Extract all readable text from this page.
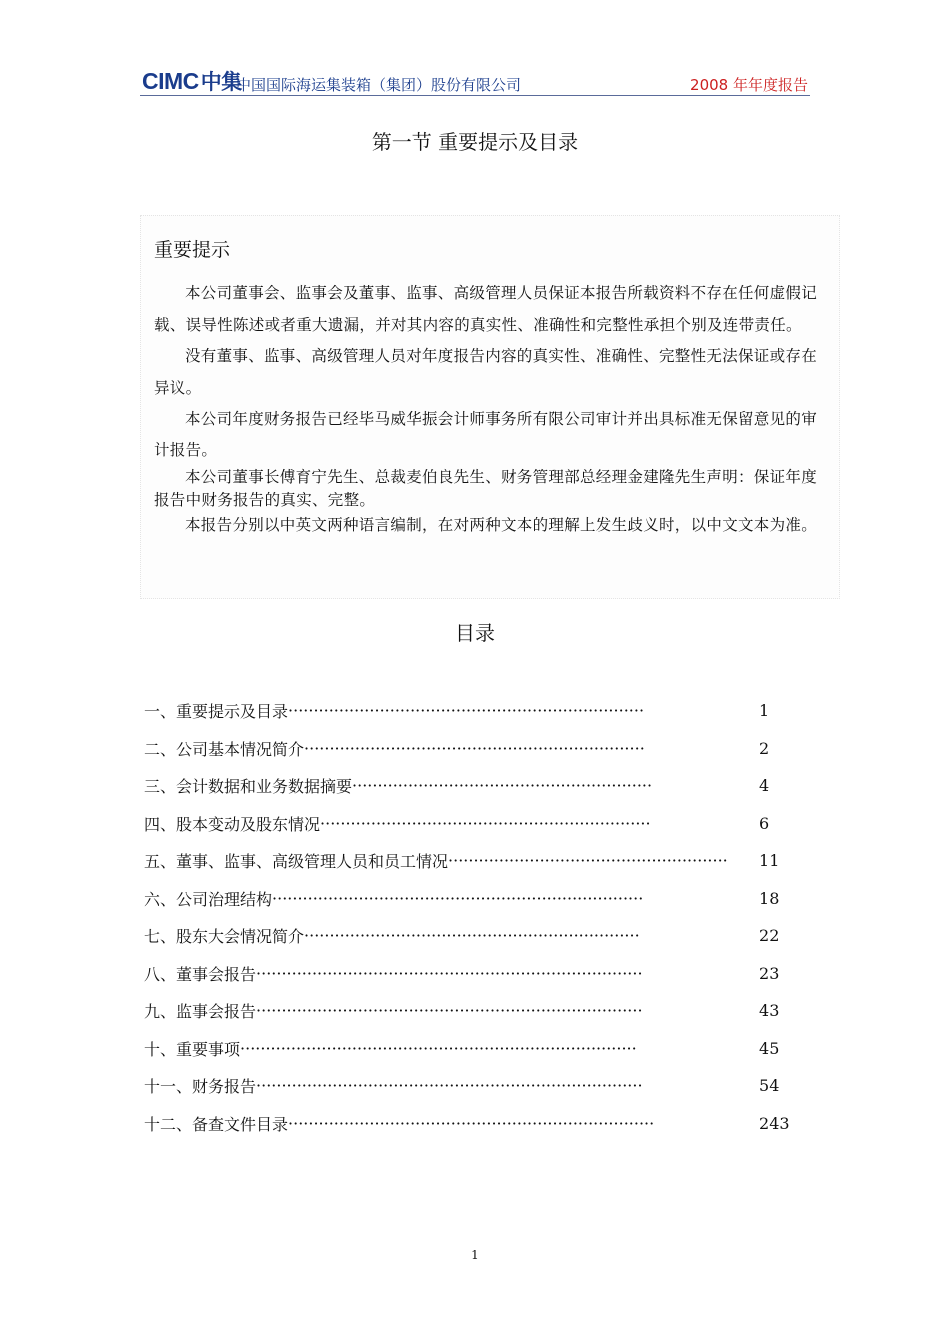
CIMC中集
中国国际海运集装箱（集团）股份有限公司	2008 年年度报告
第一节 重要提示及目录
重要提示

本公司董事会、监事会及董事、监事、高级管理人员保证本报告所载资料不存在任何虚假记载、误导性陈述或者重大遗漏，并对其内容的真实性、准确性和完整性承担个别及连带责任。

没有董事、监事、高级管理人员对年度报告内容的真实性、准确性、完整性无法保证或存在异议。

本公司年度财务报告已经毕马威华振会计师事务所有限公司审计并出具标准无保留意见的审计报告。

本公司董事长傅育宁先生、总裁麦伯良先生、财务管理部总经理金建隆先生声明：保证年度报告中财务报告的真实、完整。

本报告分别以中英文两种语言编制，在对两种文本的理解上发生歧义时，以中文文本为准。

目录
一、重要提示及目录 ······································································	1
二、公司基本情况简介 ···································································	2
三、会计数据和业务数据摘要 ···························································	4
四、股本变动及股东情况 ·································································	6
五、董事、监事、高级管理人员和员工情况 ·······················································	11
六、公司治理结构 ·········································································	18
七、股东大会情况简介 ··································································	22
八、董事会报告 ············································································	23
九、监事会报告 ············································································	43
十、重要事项 ··············································································	45
十一、财务报告 ············································································	54
十二、备查文件目录 ········································································	243
1
